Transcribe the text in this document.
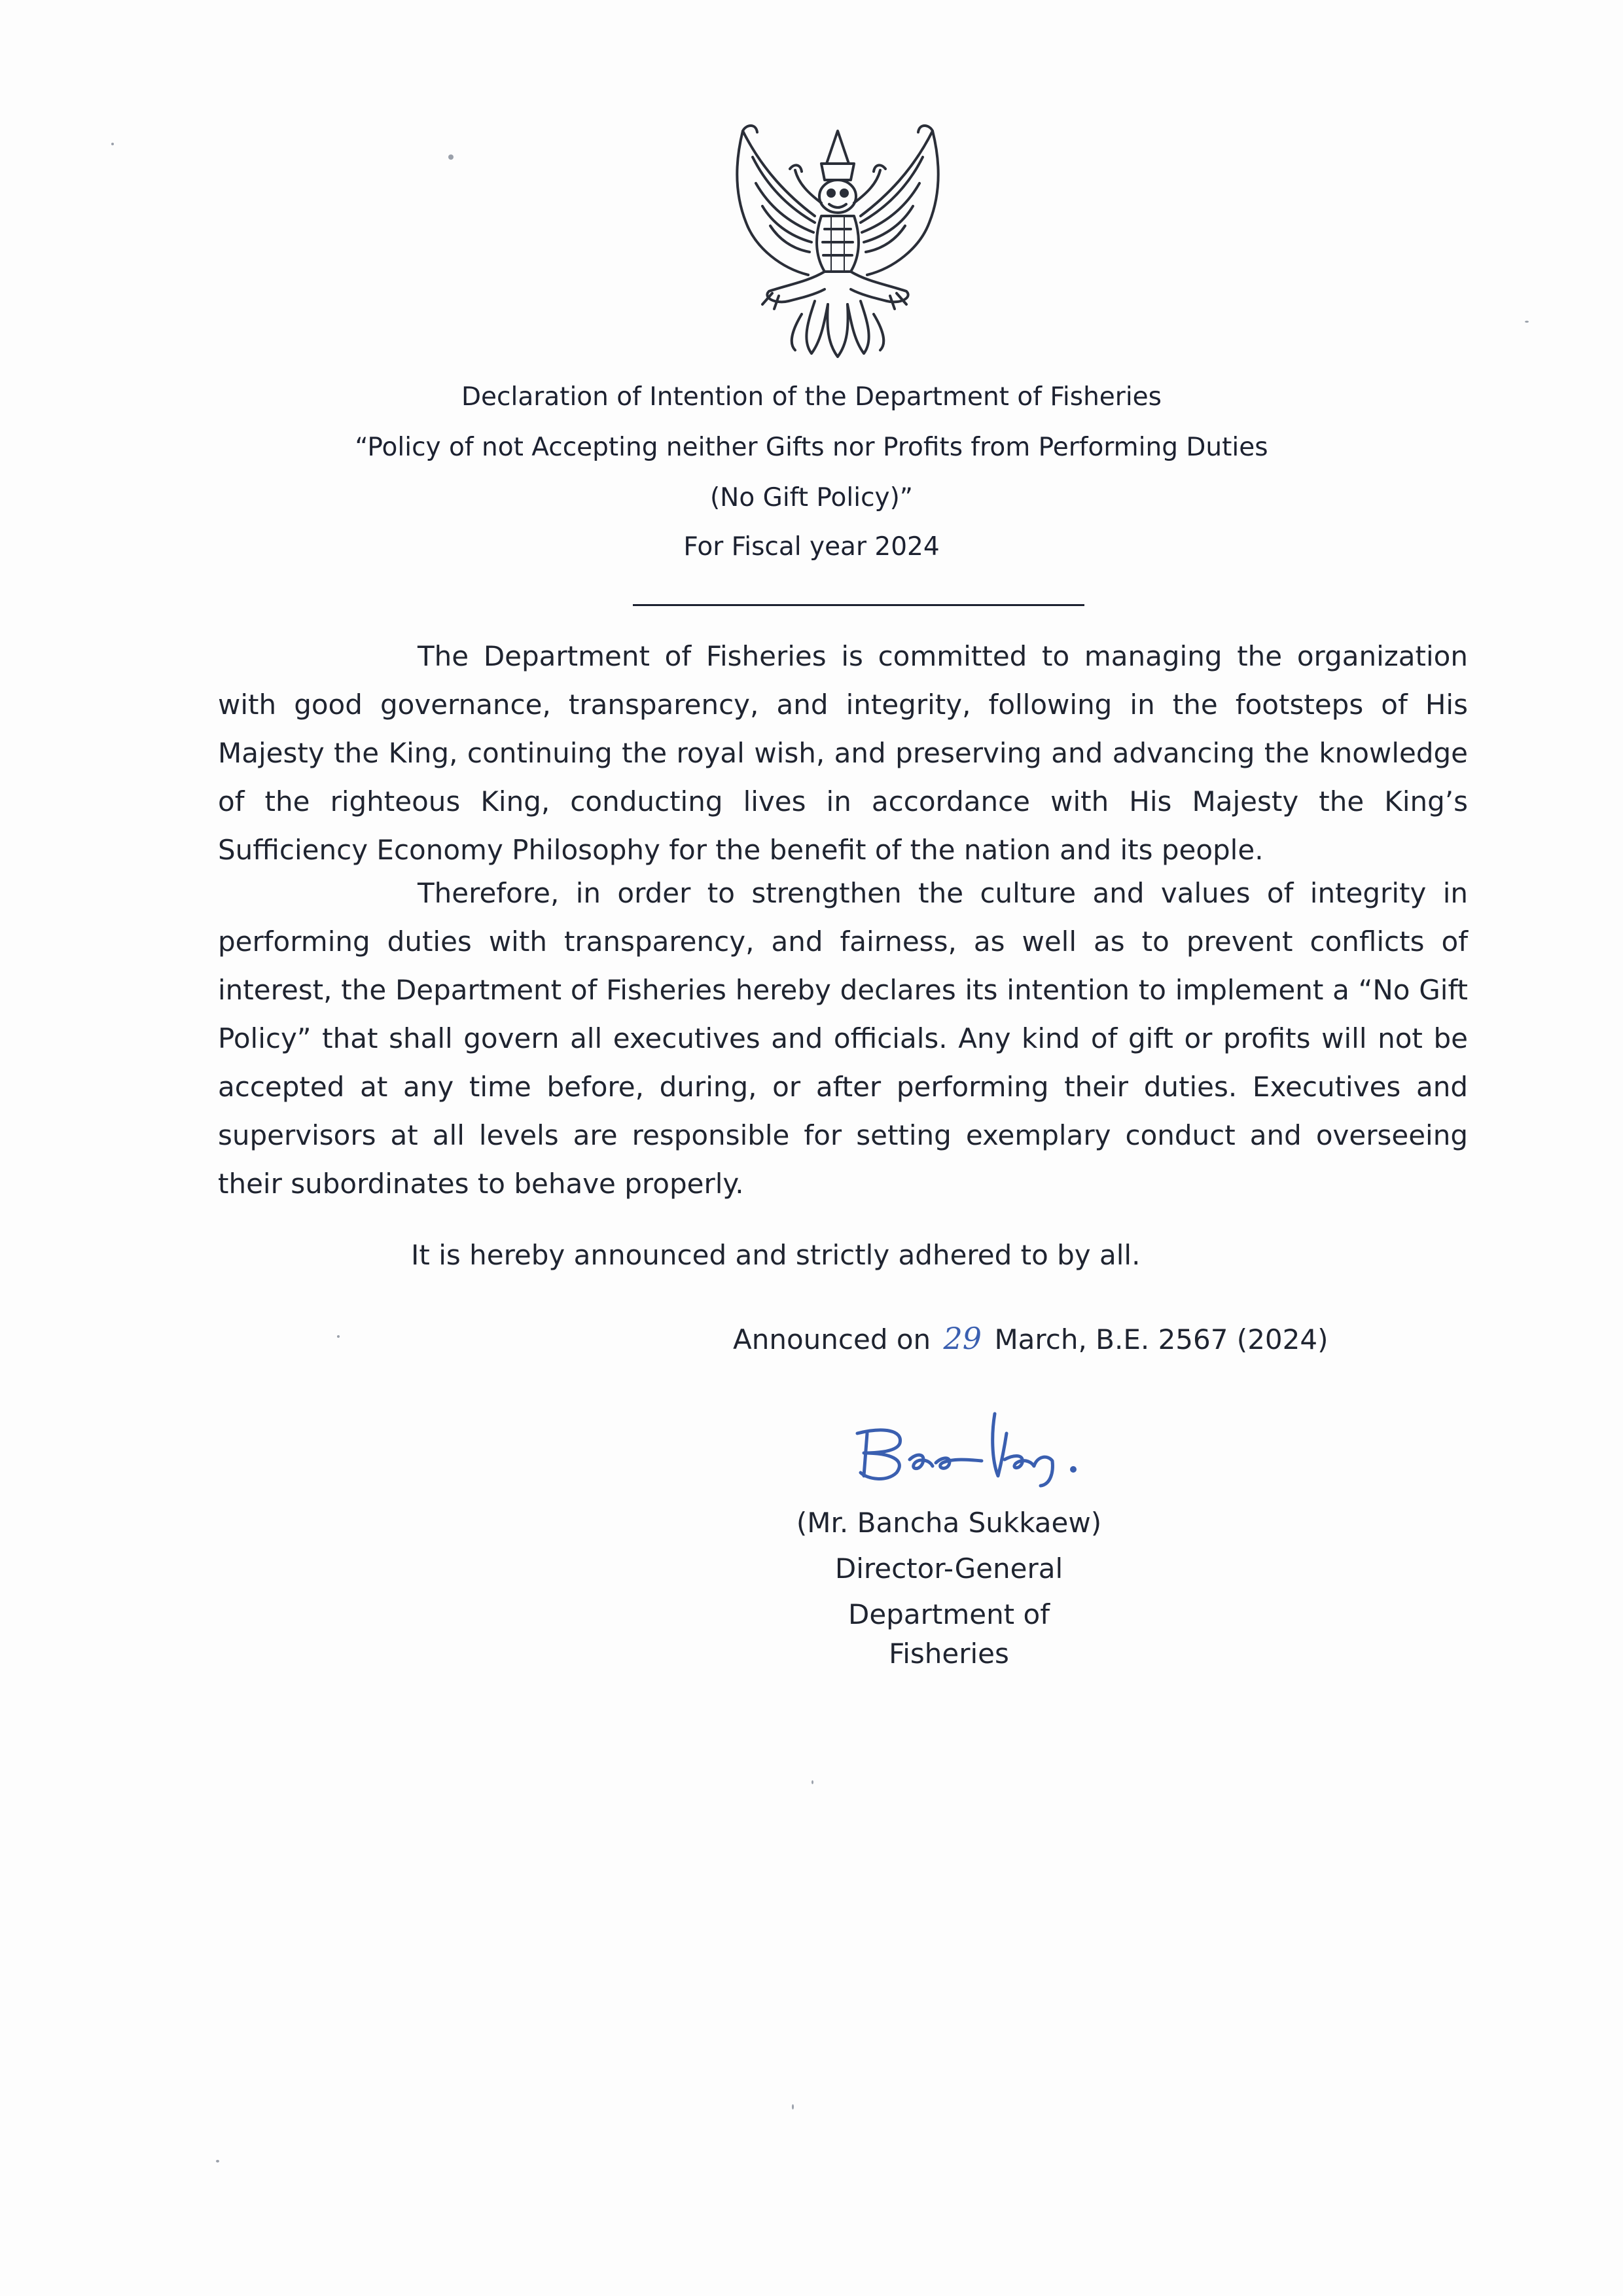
Declaration of Intention of the Department of Fisheries
“Policy of not Accepting neither Gifts nor Profits from Performing Duties
(No Gift Policy)”
For Fiscal year 2024

The Department of Fisheries is committed to managing the organization with good governance, transparency, and integrity, following in the footsteps of His Majesty the King, continuing the royal wish, and preserving and advancing the knowledge of the righteous King, conducting lives in accordance with His Majesty the King’s Sufficiency Economy Philosophy for the benefit of the nation and its people.

Therefore, in order to strengthen the culture and values of integrity in performing duties with transparency, and fairness, as well as to prevent conflicts of interest, the Department of Fisheries hereby declares its intention to implement a “No Gift Policy” that shall govern all executives and officials. Any kind of gift or profits will not be accepted at any time before, during, or after performing their duties. Executives and supervisors at all levels are responsible for setting exemplary conduct and overseeing their subordinates to behave properly.

It is hereby announced and strictly adhered to by all.
Announced on 29 March, B.E. 2567 (2024)
(Mr. Bancha Sukkaew)
Director-General
Department of Fisheries
